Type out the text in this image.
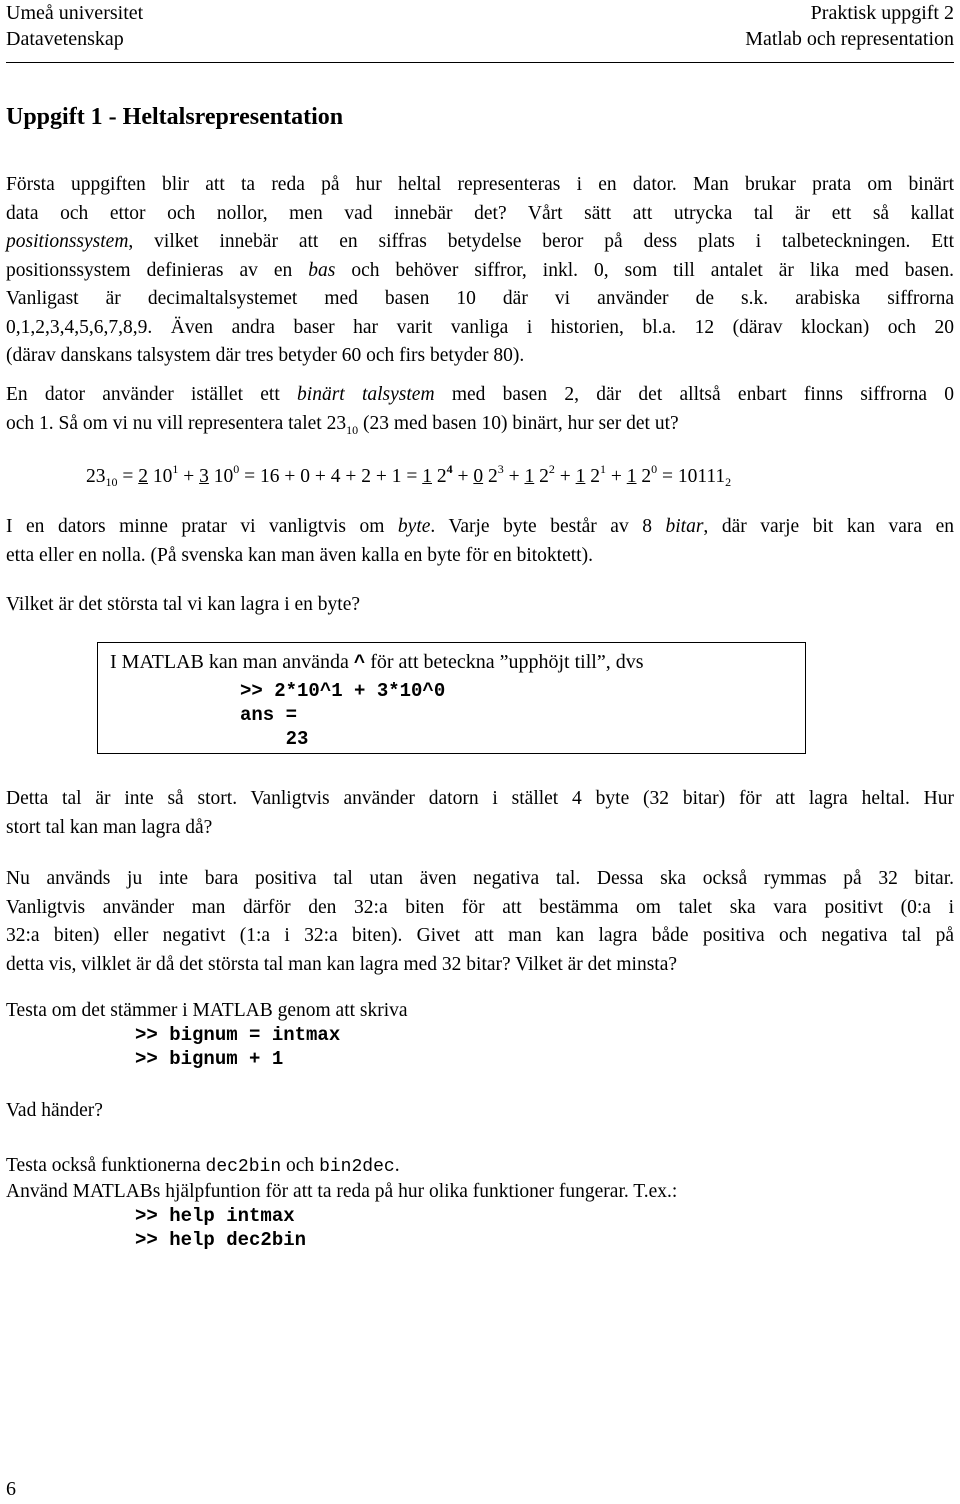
Umeå universitet
Datavetenskap
Praktisk uppgift 2
Matlab och representation
Uppgift 1 - Heltalsrepresentation
Första uppgiften blir att ta reda på hur heltal representeras i en dator. Man brukar prata om binärt
data och ettor och nollor, men vad innebär det? Vårt sätt att utrycka tal är ett så kallat
positionssystem, vilket innebär att en siffras betydelse beror på dess plats i talbeteckningen. Ett
positionssystem definieras av en bas och behöver siffror, inkl. 0, som till antalet är lika med basen.
Vanligast är decimaltalsystemet med basen 10 där vi använder de s.k. arabiska siffrorna
0,1,2,3,4,5,6,7,8,9. Även andra baser har varit vanliga i historien, bl.a. 12 (därav klockan) och 20
(därav danskans talsystem där tres betyder 60 och firs betyder 80).
En dator använder istället ett binärt talsystem med basen 2, där det alltså enbart finns siffrorna 0
och 1. Så om vi nu vill representera talet $23_{10}$ (23 med basen 10) binärt, hur ser det ut?
$23_{10} = 2$ $10^1 + 3$ $10^0 = 16 + 0 + 4 + 2 + 1 = 1$ $2^4 + 0$ $2^3 + 1$ $2^2 + 1$ $2^1 + 1$ $2^0 = 10111_2$
I en dators minne pratar vi vanligtvis om byte. Varje byte består av 8 bitar, där varje bit kan vara en
etta eller en nolla. (På svenska kan man även kalla en byte för en bitoktett).
Vilket är det största tal vi kan lagra i en byte?
I MATLAB kan man använda ^ för att beteckna ”upphöjt till”, dvs
>> 2*10^1 + 3*10^0
ans =
23
Detta tal är inte så stort. Vanligtvis använder datorn i stället 4 byte (32 bitar) för att lagra heltal. Hur
stort tal kan man lagra då?
Nu används ju inte bara positiva tal utan även negativa tal. Dessa ska också rymmas på 32 bitar.
Vanligtvis använder man därför den 32:a biten för att bestämma om talet ska vara positivt (0:a i
32:a biten) eller negativt (1:a i 32:a biten). Givet att man kan lagra både positiva och negativa tal på
detta vis, vilklet är då det största tal man kan lagra med 32 bitar? Vilket är det minsta?
Testa om det stämmer i MATLAB genom att skriva
>> bignum = intmax
>> bignum + 1
Vad händer?
Testa också funktionerna dec2bin och bin2dec.
Använd MATLABs hjälpfuntion för att ta reda på hur olika funktioner fungerar. T.ex.:
>> help intmax
>> help dec2bin
6
